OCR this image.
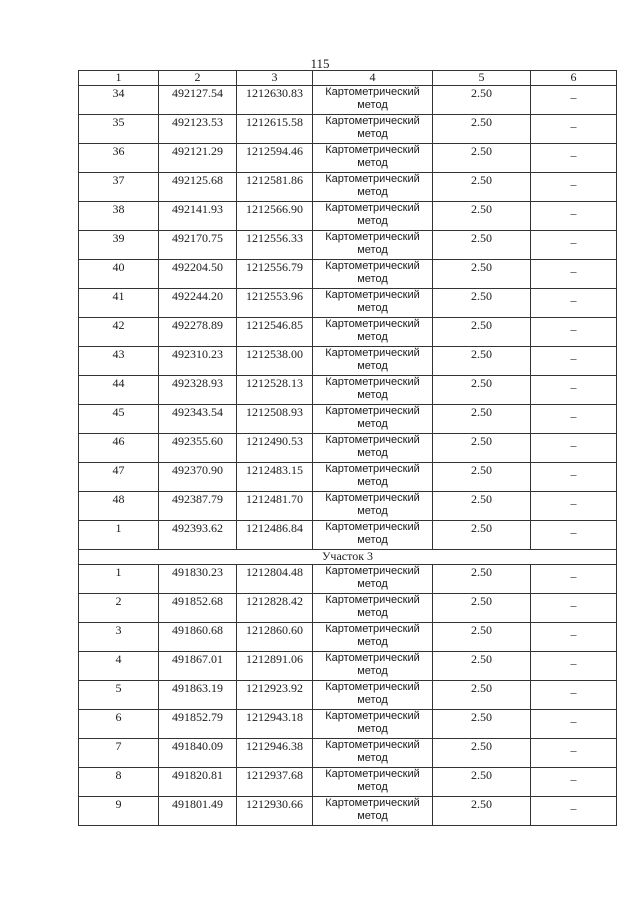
115
1	2	3	4	5	6
34	492127.54	1212630.83	Картометрический метод	2.50	–
35	492123.53	1212615.58	Картометрический метод	2.50	–
36	492121.29	1212594.46	Картометрический метод	2.50	–
37	492125.68	1212581.86	Картометрический метод	2.50	–
38	492141.93	1212566.90	Картометрический метод	2.50	–
39	492170.75	1212556.33	Картометрический метод	2.50	–
40	492204.50	1212556.79	Картометрический метод	2.50	–
41	492244.20	1212553.96	Картометрический метод	2.50	–
42	492278.89	1212546.85	Картометрический метод	2.50	–
43	492310.23	1212538.00	Картометрический метод	2.50	–
44	492328.93	1212528.13	Картометрический метод	2.50	–
45	492343.54	1212508.93	Картометрический метод	2.50	–
46	492355.60	1212490.53	Картометрический метод	2.50	–
47	492370.90	1212483.15	Картометрический метод	2.50	–
48	492387.79	1212481.70	Картометрический метод	2.50	–
1	492393.62	1212486.84	Картометрический метод	2.50	–
Участок 3					
1	491830.23	1212804.48	Картометрический метод	2.50	–
2	491852.68	1212828.42	Картометрический метод	2.50	–
3	491860.68	1212860.60	Картометрический метод	2.50	–
4	491867.01	1212891.06	Картометрический метод	2.50	–
5	491863.19	1212923.92	Картометрический метод	2.50	–
6	491852.79	1212943.18	Картометрический метод	2.50	–
7	491840.09	1212946.38	Картометрический метод	2.50	–
8	491820.81	1212937.68	Картометрический метод	2.50	–
9	491801.49	1212930.66	Картометрический метод	2.50	–
